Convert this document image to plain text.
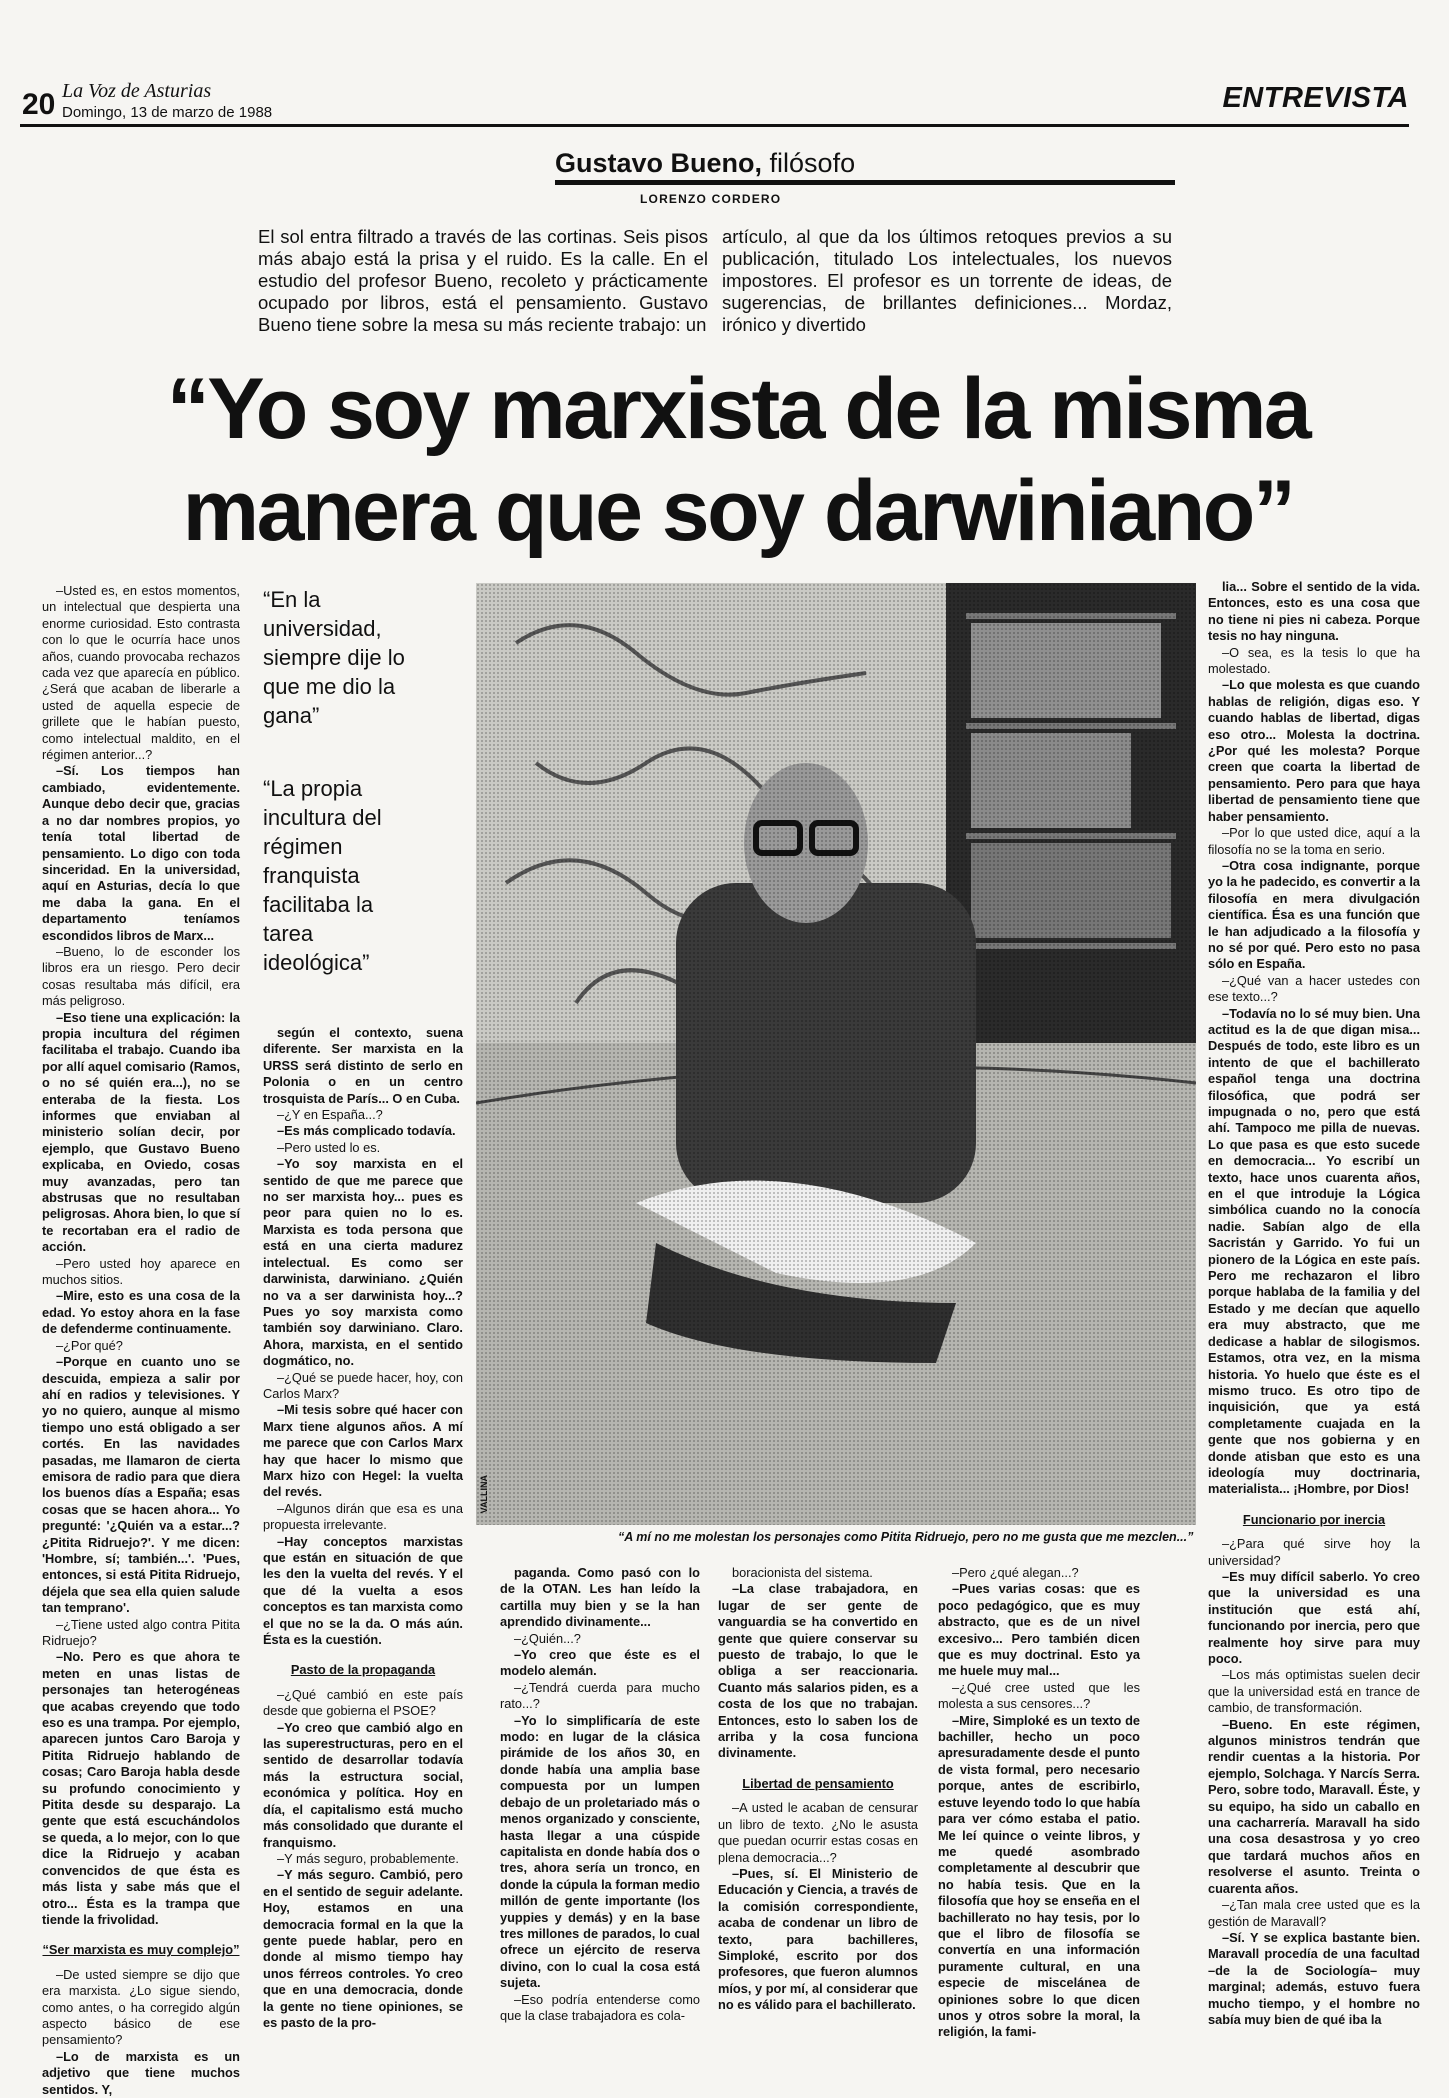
20 La Voz de Asturias
Domingo, 13 de marzo de 1988	ENTREVISTA
Gustavo Bueno, filósofo
LORENZO CORDERO
El sol entra filtrado a través de las cortinas. Seis pisos más abajo está la prisa y el ruido. Es la calle. En el estudio del profesor Bueno, recoleto y prácticamente ocupado por libros, está el pensamiento. Gustavo Bueno tiene sobre la mesa su más reciente trabajo: un
artículo, al que da los últimos retoques previos a su publicación, titulado Los intelectuales, los nuevos impostores. El profesor es un torrente de ideas, de sugerencias, de brillantes definiciones... Mordaz, irónico y divertido
“Yo soy marxista de la misma
manera que soy darwiniano”
“En la universidad, siempre dije lo que me dio la gana”
“La propia incultura del régimen franquista facilitaba la tarea ideológica”
VALLINA
“A mí no me molestan los personajes como Pitita Ridruejo, pero no me gusta que me mezclen...”

–Usted es, en estos momentos, un intelectual que despierta una enorme curiosidad. Esto contrasta con lo que le ocurría hace unos años, cuando provocaba rechazos cada vez que aparecía en público. ¿Será que acaban de liberarle a usted de aquella especie de grillete que le habían puesto, como intelectual maldito, en el régimen anterior...?

–Sí. Los tiempos han cambiado, evidentemente. Aunque debo decir que, gracias a no dar nombres propios, yo tenía total libertad de pensamiento. Lo digo con toda sinceridad. En la universidad, aquí en Asturias, decía lo que me daba la gana. En el departamento teníamos escondidos libros de Marx...

–Bueno, lo de esconder los libros era un riesgo. Pero decir cosas resultaba más difícil, era más peligroso.

–Eso tiene una explicación: la propia incultura del régimen facilitaba el trabajo. Cuando iba por allí aquel comisario (Ramos, o no sé quién era...), no se enteraba de la fiesta. Los informes que enviaban al ministerio solían decir, por ejemplo, que Gustavo Bueno explicaba, en Oviedo, cosas muy avanzadas, pero tan abstrusas que no resultaban peligrosas. Ahora bien, lo que sí te recortaban era el radio de acción.

–Pero usted hoy aparece en muchos sitios.

–Mire, esto es una cosa de la edad. Yo estoy ahora en la fase de defenderme continuamente.

–¿Por qué?

–Porque en cuanto uno se descuida, empieza a salir por ahí en radios y televisiones. Y yo no quiero, aunque al mismo tiempo uno está obligado a ser cortés. En las navidades pasadas, me llamaron de cierta emisora de radio para que diera los buenos días a España; esas cosas que se hacen ahora... Yo pregunté: '¿Quién va a estar...? ¿Pitita Ridruejo?'. Y me dicen: 'Hombre, sí; también...'. 'Pues, entonces, si está Pitita Ridruejo, déjela que sea ella quien salude tan temprano'.

–¿Tiene usted algo contra Pitita Ridruejo?

–No. Pero es que ahora te meten en unas listas de personajes tan heterogéneas que acabas creyendo que todo eso es una trampa. Por ejemplo, aparecen juntos Caro Baroja y Pitita Ridruejo hablando de cosas; Caro Baroja habla desde su profundo conocimiento y Pitita desde su desparajo. La gente que está escuchándolos se queda, a lo mejor, con lo que dice la Ridruejo y acaban convencidos de que ésta es más lista y sabe más que el otro... Ésta es la trampa que tiende la frivolidad.

“Ser marxista es muy complejo”

–De usted siempre se dijo que era marxista. ¿Lo sigue siendo, como antes, o ha corregido algún aspecto básico de ese pensamiento?

–Lo de marxista es un adjetivo que tiene muchos sentidos. Y,

según el contexto, suena diferente. Ser marxista en la URSS será distinto de serlo en Polonia o en un centro trosquista de París... O en Cuba.

–¿Y en España...?

–Es más complicado todavía.

–Pero usted lo es.

–Yo soy marxista en el sentido de que me parece que no ser marxista hoy... pues es peor para quien no lo es. Marxista es toda persona que está en una cierta madurez intelectual. Es como ser darwinista, darwiniano. ¿Quién no va a ser darwinista hoy...? Pues yo soy marxista como también soy darwiniano. Claro. Ahora, marxista, en el sentido dogmático, no.

–¿Qué se puede hacer, hoy, con Carlos Marx?

–Mi tesis sobre qué hacer con Marx tiene algunos años. A mí me parece que con Carlos Marx hay que hacer lo mismo que Marx hizo con Hegel: la vuelta del revés.

–Algunos dirán que esa es una propuesta irrelevante.

–Hay conceptos marxistas que están en situación de que les den la vuelta del revés. Y el que dé la vuelta a esos conceptos es tan marxista como el que no se la da. O más aún. Ésta es la cuestión.

Pasto de la propaganda

–¿Qué cambió en este país desde que gobierna el PSOE?

–Yo creo que cambió algo en las superestructuras, pero en el sentido de desarrollar todavía más la estructura social, económica y política. Hoy en día, el capitalismo está mucho más consolidado que durante el franquismo.

–Y más seguro, probablemente.

–Y más seguro. Cambió, pero en el sentido de seguir adelante. Hoy, estamos en una democracia formal en la que la gente puede hablar, pero en donde al mismo tiempo hay unos férreos controles. Yo creo que en una democracia, donde la gente no tiene opiniones, se es pasto de la pro-

paganda. Como pasó con lo de la OTAN. Les han leído la cartilla muy bien y se la han aprendido divinamente...

–¿Quién...?

–Yo creo que éste es el modelo alemán.

–¿Tendrá cuerda para mucho rato...?

–Yo lo simplificaría de este modo: en lugar de la clásica pirámide de los años 30, en donde había una amplia base compuesta por un lumpen debajo de un proletariado más o menos organizado y consciente, hasta llegar a una cúspide capitalista en donde había dos o tres, ahora sería un tronco, en donde la cúpula la forman medio millón de gente importante (los yuppies y demás) y en la base tres millones de parados, lo cual ofrece un ejército de reserva divino, con lo cual la cosa está sujeta.

–Eso podría entenderse como que la clase trabajadora es cola-

boracionista del sistema.

–La clase trabajadora, en lugar de ser gente de vanguardia se ha convertido en gente que quiere conservar su puesto de trabajo, lo que le obliga a ser reaccionaria. Cuanto más salarios piden, es a costa de los que no trabajan. Entonces, esto lo saben los de arriba y la cosa funciona divinamente.

Libertad de pensamiento

–A usted le acaban de censurar un libro de texto. ¿No le asusta que puedan ocurrir estas cosas en plena democracia...?

–Pues, sí. El Ministerio de Educación y Ciencia, a través de la comisión correspondiente, acaba de condenar un libro de texto, para bachilleres, Simploké, escrito por dos profesores, que fueron alumnos míos, y por mí, al considerar que no es válido para el bachillerato.

–Pero ¿qué alegan...?

–Pues varias cosas: que es poco pedagógico, que es muy abstracto, que es de un nivel excesivo... Pero también dicen que es muy doctrinal. Esto ya me huele muy mal...

–¿Qué cree usted que les molesta a sus censores...?

–Mire, Simploké es un texto de bachiller, hecho un poco apresuradamente desde el punto de vista formal, pero necesario porque, antes de escribirlo, estuve leyendo todo lo que había para ver cómo estaba el patio. Me leí quince o veinte libros, y me quedé asombrado completamente al descubrir que no había tesis. Que en la filosofía que hoy se enseña en el bachillerato no hay tesis, por lo que el libro de filosofía se convertía en una información puramente cultural, en una especie de miscelánea de opiniones sobre lo que dicen unos y otros sobre la moral, la religión, la fami-

lia... Sobre el sentido de la vida. Entonces, esto es una cosa que no tiene ni pies ni cabeza. Porque tesis no hay ninguna.

–O sea, es la tesis lo que ha molestado.

–Lo que molesta es que cuando hablas de religión, digas eso. Y cuando hablas de libertad, digas eso otro... Molesta la doctrina. ¿Por qué les molesta? Porque creen que coarta la libertad de pensamiento. Pero para que haya libertad de pensamiento tiene que haber pensamiento.

–Por lo que usted dice, aquí a la filosofía no se la toma en serio.

–Otra cosa indignante, porque yo la he padecido, es convertir a la filosofía en mera divulgación científica. Ésa es una función que le han adjudicado a la filosofía y no sé por qué. Pero esto no pasa sólo en España.

–¿Qué van a hacer ustedes con ese texto...?

–Todavía no lo sé muy bien. Una actitud es la de que digan misa... Después de todo, este libro es un intento de que el bachillerato español tenga una doctrina filosófica, que podrá ser impugnada o no, pero que está ahí. Tampoco me pilla de nuevas. Lo que pasa es que esto sucede en democracia... Yo escribí un texto, hace unos cuarenta años, en el que introduje la Lógica simbólica cuando no la conocía nadie. Sabían algo de ella Sacristán y Garrido. Yo fui un pionero de la Lógica en este país. Pero me rechazaron el libro porque hablaba de la familia y del Estado y me decían que aquello era muy abstracto, que me dedicase a hablar de silogismos. Estamos, otra vez, en la misma historia. Yo huelo que éste es el mismo truco. Es otro tipo de inquisición, que ya está completamente cuajada en la gente que nos gobierna y en donde atisban que esto es una ideología muy doctrinaria, materialista... ¡Hombre, por Dios!

Funcionario por inercia

–¿Para qué sirve hoy la universidad?

–Es muy difícil saberlo. Yo creo que la universidad es una institución que está ahí, funcionando por inercia, pero que realmente hoy sirve para muy poco.

–Los más optimistas suelen decir que la universidad está en trance de cambio, de transformación.

–Bueno. En este régimen, algunos ministros tendrán que rendir cuentas a la historia. Por ejemplo, Solchaga. Y Narcís Serra. Pero, sobre todo, Maravall. Éste, y su equipo, ha sido un caballo en una cacharrería. Maravall ha sido una cosa desastrosa y yo creo que tardará muchos años en resolverse el asunto. Treinta o cuarenta años.

–¿Tan mala cree usted que es la gestión de Maravall?

–Sí. Y se explica bastante bien. Maravall procedía de una facultad –de la de Sociología– muy marginal; además, estuvo fuera mucho tiempo, y el hombre no sabía muy bien de qué iba la
